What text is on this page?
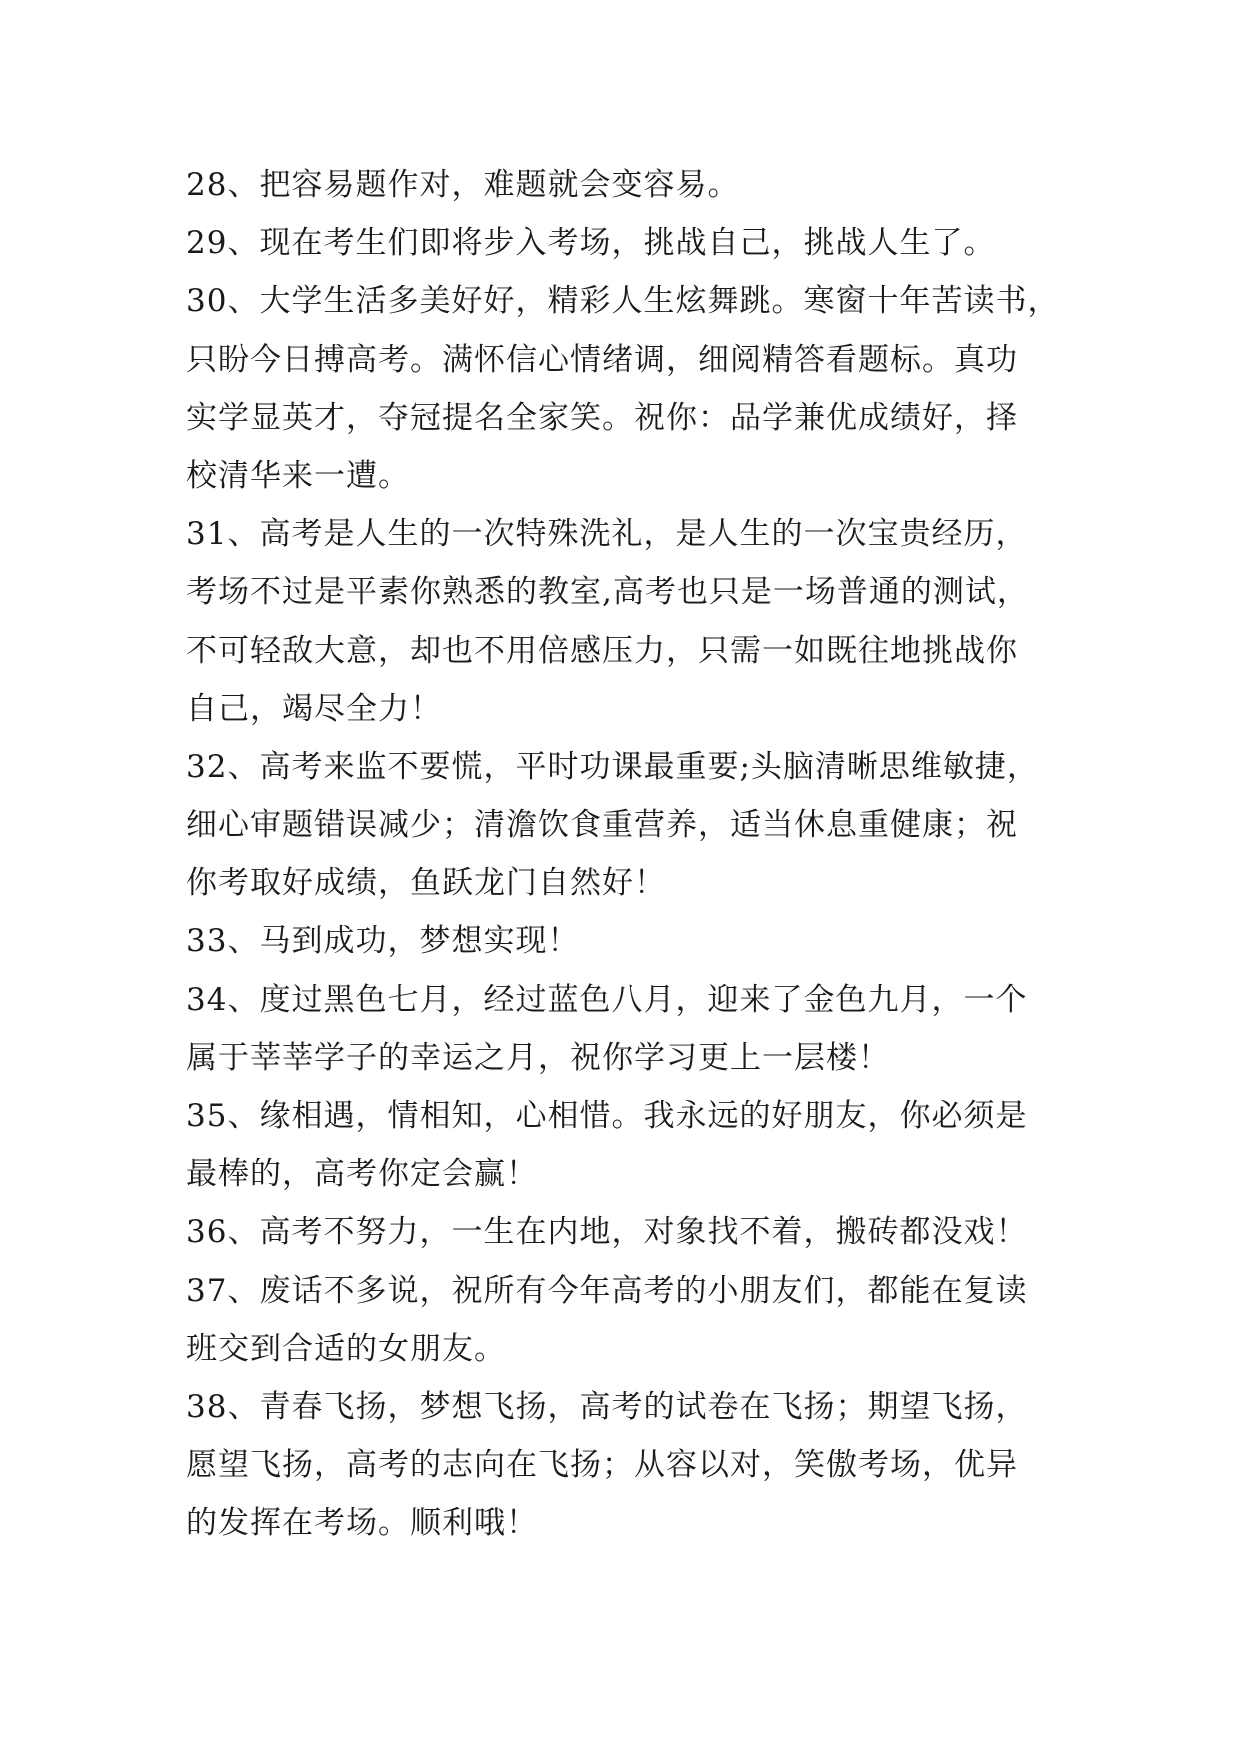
28、把容易题作对，难题就会变容易。
29、现在考生们即将步入考场，挑战自己，挑战人生了。
30、大学生活多美好好，精彩人生炫舞跳。寒窗十年苦读书，
只盼今日搏高考。满怀信心情绪调，细阅精答看题标。真功
实学显英才，夺冠提名全家笑。祝你：品学兼优成绩好，择
校清华来一遭。
31、高考是人生的一次特殊洗礼，是人生的一次宝贵经历，
考场不过是平素你熟悉的教室,高考也只是一场普通的测试，
不可轻敌大意，却也不用倍感压力，只需一如既往地挑战你
自己，竭尽全力！
32、高考来监不要慌，平时功课最重要;头脑清晰思维敏捷，
细心审题错误减少；清澹饮食重营养，适当休息重健康；祝
你考取好成绩，鱼跃龙门自然好！
33、马到成功，梦想实现！
34、度过黑色七月，经过蓝色八月，迎来了金色九月，一个
属于莘莘学子的幸运之月，祝你学习更上一层楼！
35、缘相遇，情相知，心相惜。我永远的好朋友，你必须是
最棒的，高考你定会赢！
36、高考不努力，一生在内地，对象找不着，搬砖都没戏！
37、废话不多说，祝所有今年高考的小朋友们，都能在复读
班交到合适的女朋友。
38、青春飞扬，梦想飞扬，高考的试卷在飞扬；期望飞扬，
愿望飞扬，高考的志向在飞扬；从容以对，笑傲考场，优异
的发挥在考场。顺利哦！
